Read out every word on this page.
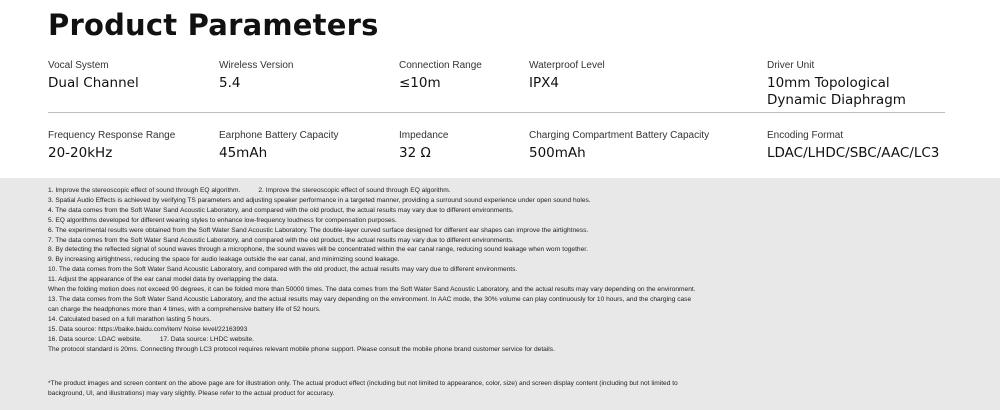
Product Parameters
Vocal System
Dual Channel
Wireless Version
5.4
Connection Range
≤10m
Waterproof Level
IPX4
Driver Unit
10mm Topological Dynamic Diaphragm
Frequency Response Range
20-20kHz
Earphone Battery Capacity
45mAh
Impedance
32 Ω
Charging Compartment Battery Capacity
500mAh
Encoding Format
LDAC/LHDC/SBC/AAC/LC3
1. Improve the stereoscopic effect of sound through EQ algorithm.	2. Improve the stereoscopic effect of sound through EQ algorithm.
3. Spatial Audio Effects is achieved by verifying TS parameters and adjusting speaker performance in a targeted manner, providing a surround sound experience under open sound holes.
4. The data comes from the Soft Water Sand Acoustic Laboratory, and compared with the old product, the actual results may vary due to different environments.
5. EQ algorithms developed for different wearing styles to enhance low-frequency loudness for compensation purposes.
6. The experimental results were obtained from the Soft Water Sand Acoustic Laboratory. The double-layer curved surface designed for different ear shapes can improve the airtightness.
7. The data comes from the Soft Water Sand Acoustic Laboratory, and compared with the old product, the actual results may vary due to different environments.
8. By detecting the reflected signal of sound waves through a microphone, the sound waves will be concentrated within the ear canal range, reducing sound leakage when worn together.
9. By increasing airtightness, reducing the space for audio leakage outside the ear canal, and minimizing sound leakage.
10. The data comes from the Soft Water Sand Acoustic Laboratory, and compared with the old product, the actual results may vary due to different environments.
11. Adjust the appearance of the ear canal model data by overlapping the data.
When the folding motion does not exceed 90 degrees, it can be folded more than 50000 times. The data comes from the Soft Water Sand Acoustic Laboratory, and the actual results may vary depending on the environment.
13. The data comes from the Soft Water Sand Acoustic Laboratory, and the actual results may vary depending on the environment. In AAC mode, the 30% volume can play continuously for 10 hours, and the charging case
can charge the headphones more than 4 times, with a comprehensive battery life of 52 hours.
14. Calculated based on a full marathon lasting 5 hours.
15. Data source: https://baike.baidu.com/item/ Noise level/22163993
16. Data source: LDAC website.	17. Data source: LHDC website.
The protocol standard is 20ms. Connecting through LC3 protocol requires relevant mobile phone support. Please consult the mobile phone brand customer service for details.
*The product images and screen content on the above page are for illustration only. The actual product effect (including but not limited to appearance, color, size) and screen display content (including but not limited to
background, UI, and illustrations) may vary slightly. Please refer to the actual product for accuracy.
